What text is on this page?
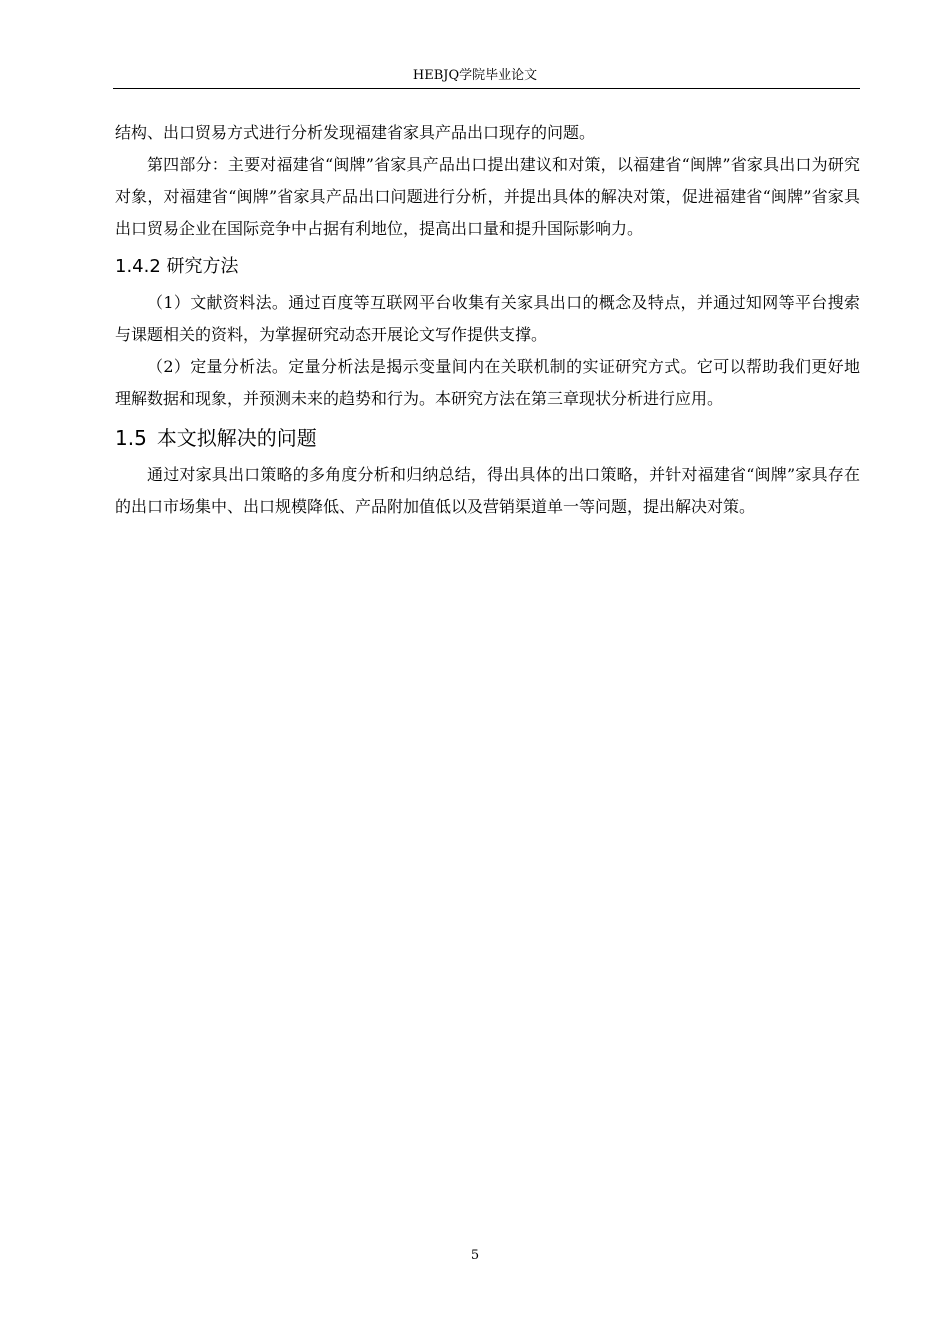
HEBJQ学院毕业论文

结构、出口贸易方式进行分析发现福建省家具产品出口现存的问题。

第四部分：主要对福建省“闽牌”省家具产品出口提出建议和对策，以福建省“闽牌”省家具出口为研究对象，对福建省“闽牌”省家具产品出口问题进行分析，并提出具体的解决对策，促进福建省“闽牌”省家具出口贸易企业在国际竞争中占据有利地位，提高出口量和提升国际影响力。

1.4.2 研究方法

（1）文献资料法。通过百度等互联网平台收集有关家具出口的概念及特点，并通过知网等平台搜索与课题相关的资料，为掌握研究动态开展论文写作提供支撑。

（2）定量分析法。定量分析法是揭示变量间内在关联机制的实证研究方式。它可以帮助我们更好地理解数据和现象，并预测未来的趋势和行为。本研究方法在第三章现状分析进行应用。

1.5 本文拟解决的问题

通过对家具出口策略的多角度分析和归纳总结，得出具体的出口策略，并针对福建省“闽牌”家具存在的出口市场集中、出口规模降低、产品附加值低以及营销渠道单一等问题，提出解决对策。

5
